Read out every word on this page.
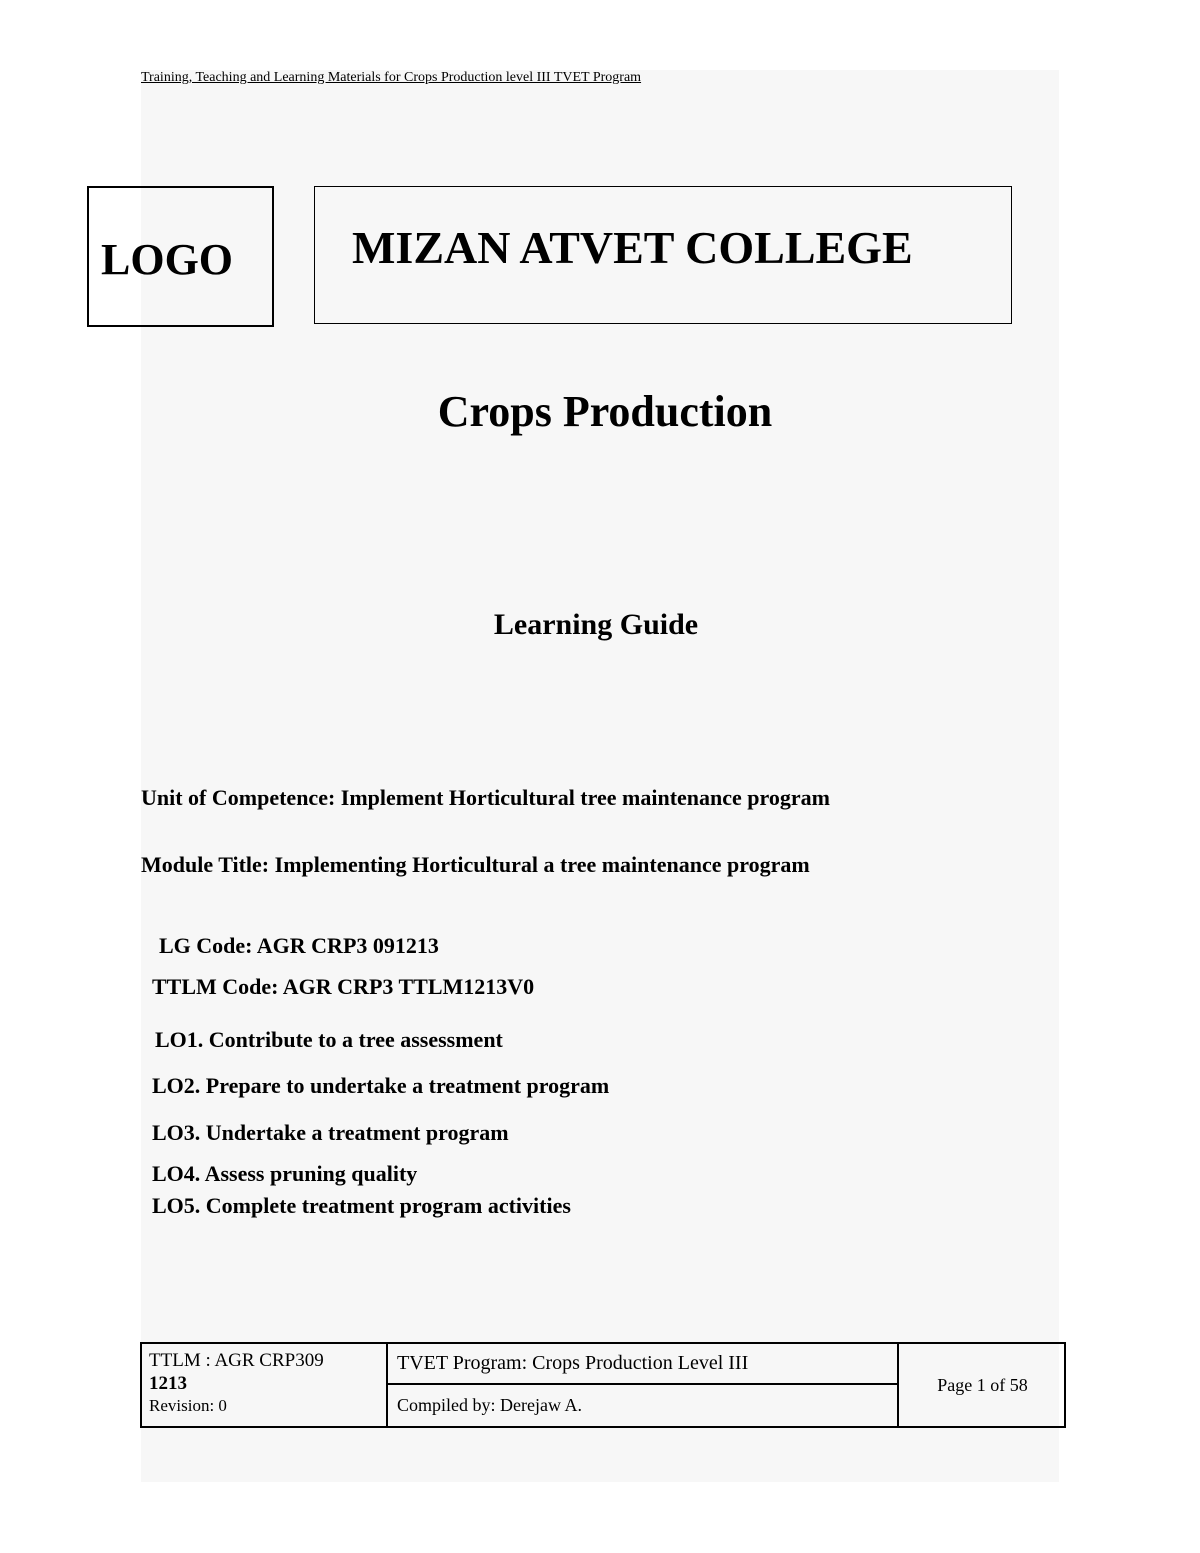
Training, Teaching and Learning Materials for Crops Production level III TVET Program
LOGO	MIZAN ATVET COLLEGE
Crops Production
Learning Guide
Unit of Competence: Implement Horticultural tree maintenance program
Module Title: Implementing Horticultural a tree maintenance program
LG Code: AGR CRP3 091213
TTLM Code: AGR CRP3 TTLM1213V0
LO1. Contribute to a tree assessment
LO2. Prepare to undertake a treatment program
LO3. Undertake a treatment program
LO4. Assess pruning quality
LO5. Complete treatment program activities
TTLM : AGR CRP309
1213
Revision: 0
TVET Program: Crops Production Level III
Compiled by: Derejaw A.
Page 1 of 58
